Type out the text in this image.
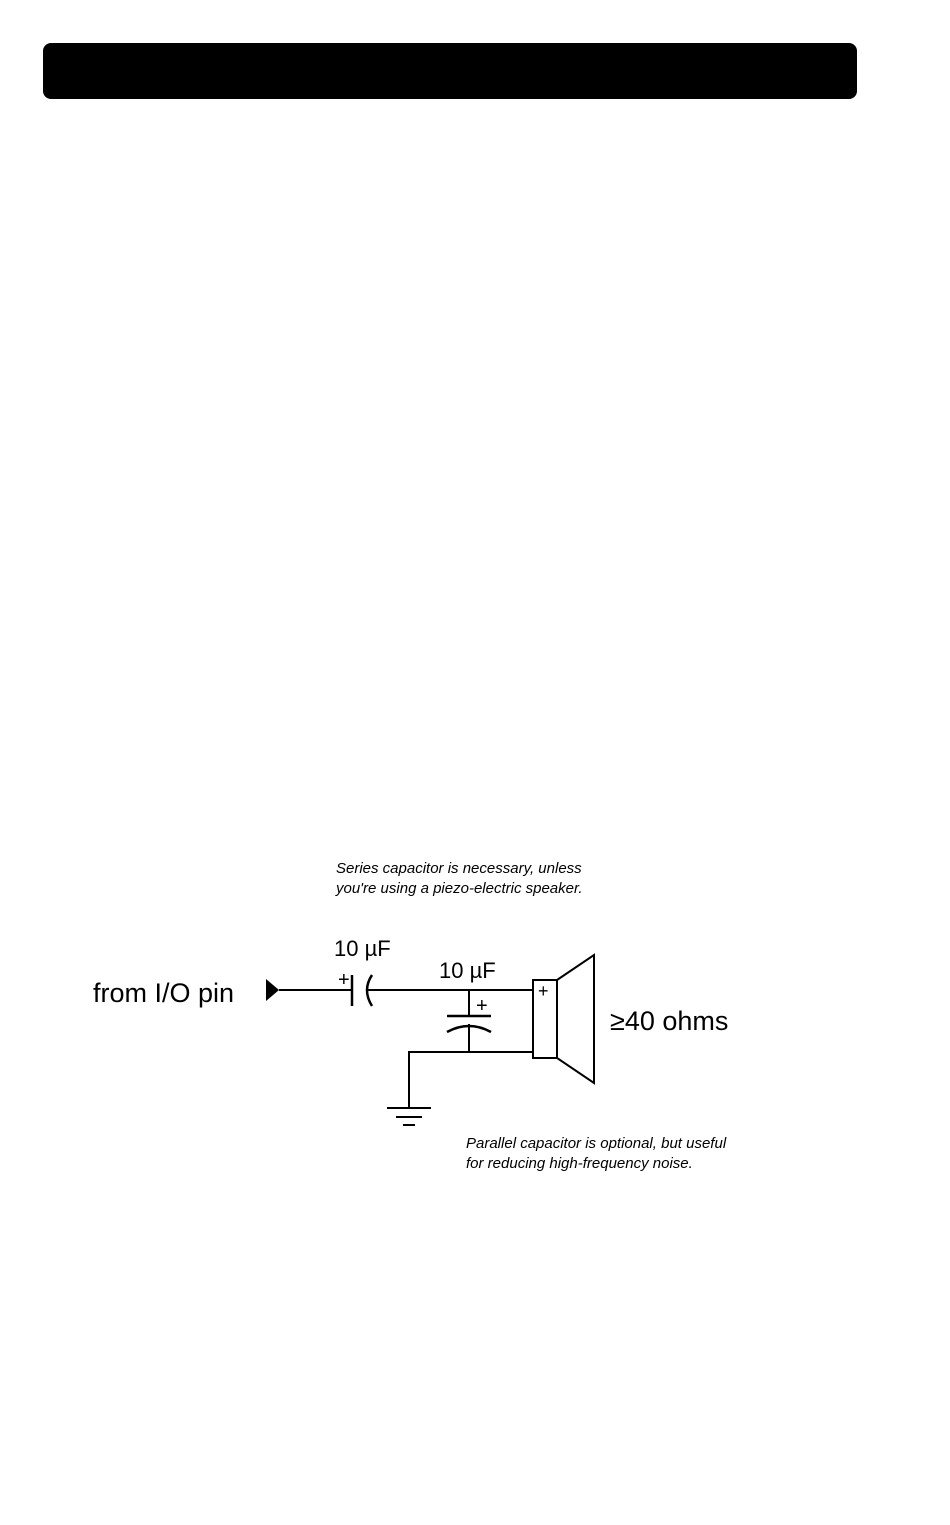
Series capacitor is necessary, unless you're using a piezo-electric speaker.
from I/O pin
10 µF
+	10 µF
+
+
≥40 ohms
Parallel capacitor is optional, but useful for reducing high-frequency noise.
